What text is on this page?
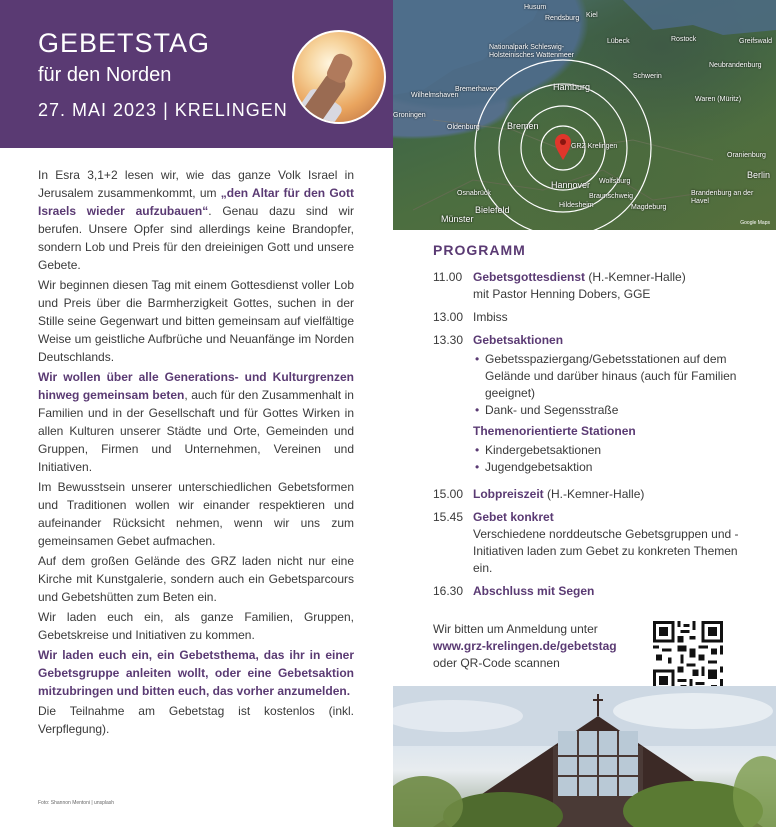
GEBETSTAG
für den Norden
27. MAI 2023 | KRELINGEN
Husum
Rendsburg Kiel
Nationalpark Schleswig-Holsteinisches Wattenmeer
Lübeck	Greifswald
Rostock
Neubrandenburg
Wilhelmshaven
Bremerhaven	Hamburg
Schwerin
Groningen
Oldenburg	Bremen
GRZ Krelingen
Waren (Müritz)
Hannover Wolfsburg
Braunschweig
Osnabrück
Bielefeld	Hildesheim	Magdeburg
Münster
Oranienburg
Berlin
Brandenburg an der Havel
Google Maps

In Esra 3,1+2 lesen wir, wie das ganze Volk Israel in Jerusalem zusammenkommt, um „den Altar für den Gott Israels wieder aufzubauen“. Genau dazu sind wir berufen. Unsere Opfer sind allerdings keine Brandopfer, sondern Lob und Preis für den dreieinigen Gott und unsere Gebete.

Wir beginnen diesen Tag mit einem Gottesdienst voller Lob und Preis über die Barmherzigkeit Gottes, suchen in der Stille seine Gegenwart und bitten gemeinsam auf vielfältige Weise um geistliche Aufbrüche und Neuanfänge im Norden Deutschlands.

Wir wollen über alle Generations- und Kulturgrenzen hinweg gemeinsam beten, auch für den Zusammenhalt in Familien und in der Gesellschaft und für Gottes Wirken in allen Kulturen unserer Städte und Orte, Gemeinden und Gruppen, Firmen und Unternehmen, Vereinen und Initiativen.

Im Bewusstsein unserer unterschiedlichen Gebetsformen und Traditionen wollen wir einander respektieren und aufeinander Rücksicht nehmen, wenn wir uns zum gemeinsamen Gebet aufmachen.

Auf dem großen Gelände des GRZ laden nicht nur eine Kirche mit Kunstgalerie, sondern auch ein Gebetsparcours und Gebetshütten zum Beten ein.

Wir laden euch ein, als ganze Familien, Gruppen, Gebetskreise und Initiativen zu kommen.

Wir laden euch ein, ein Gebetsthema, das ihr in einer Gebetsgruppe anleiten wollt, oder eine Gebetsaktion mitzubringen und bitten euch, das vorher anzumelden.

Die Teilnahme am Gebetstag ist kostenlos (inkl. Verpflegung).

Foto: Shannon Mentoni | unsplash
PROGRAMM
11.00 Gebetsgottesdienst (H.-Kemner-Halle)
mit Pastor Henning Dobers, GGE
13.00 Imbiss
13.30 Gebetsaktionen
• Gebetsspaziergang/Gebetsstationen auf dem Gelände und darüber hinaus (auch für Familien geeignet)
• Dank- und Segensstraße
Themenorientierte Stationen
• Kindergebetsaktionen
• Jugendgebetsaktion
15.00 Lobpreiszeit (H.-Kemner-Halle)
15.45 Gebet konkret
Verschiedene norddeutsche Gebetsgruppen und -Initiativen laden zum Gebet zu konkreten Themen ein.
16.30 Abschluss mit Segen
Wir bitten um Anmeldung unter
www.grz-krelingen.de/gebetstag
oder QR-Code scannen
